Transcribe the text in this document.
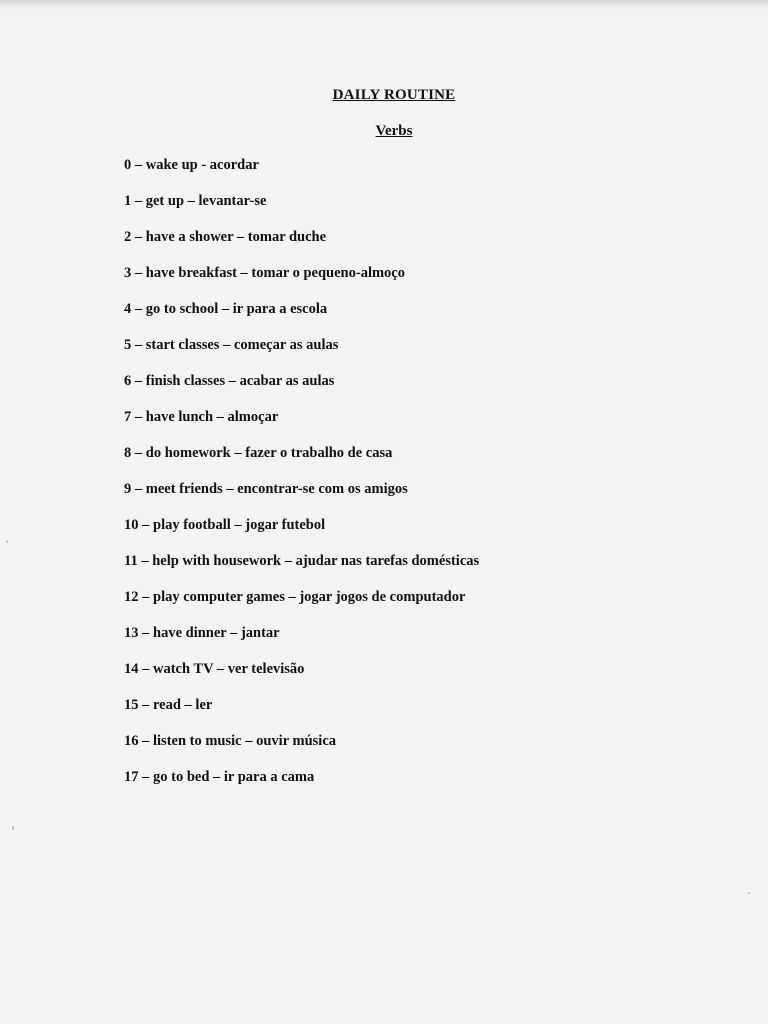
DAILY ROUTINE
Verbs
0 – wake up - acordar
1 – get up – levantar-se
2 – have a shower – tomar duche
3 – have breakfast – tomar o pequeno-almoço
4 – go to school – ir para a escola
5 – start classes – começar as aulas
6 – finish classes – acabar as aulas
7 – have lunch – almoçar
8 – do homework – fazer o trabalho de casa
9 – meet friends – encontrar-se com os amigos
10 – play football – jogar futebol
11 – help with housework – ajudar nas tarefas domésticas
12 – play computer games – jogar jogos de computador
13 – have dinner – jantar
14 – watch TV – ver televisão
15 – read – ler
16 – listen to music – ouvir música
17 – go to bed – ir para a cama
